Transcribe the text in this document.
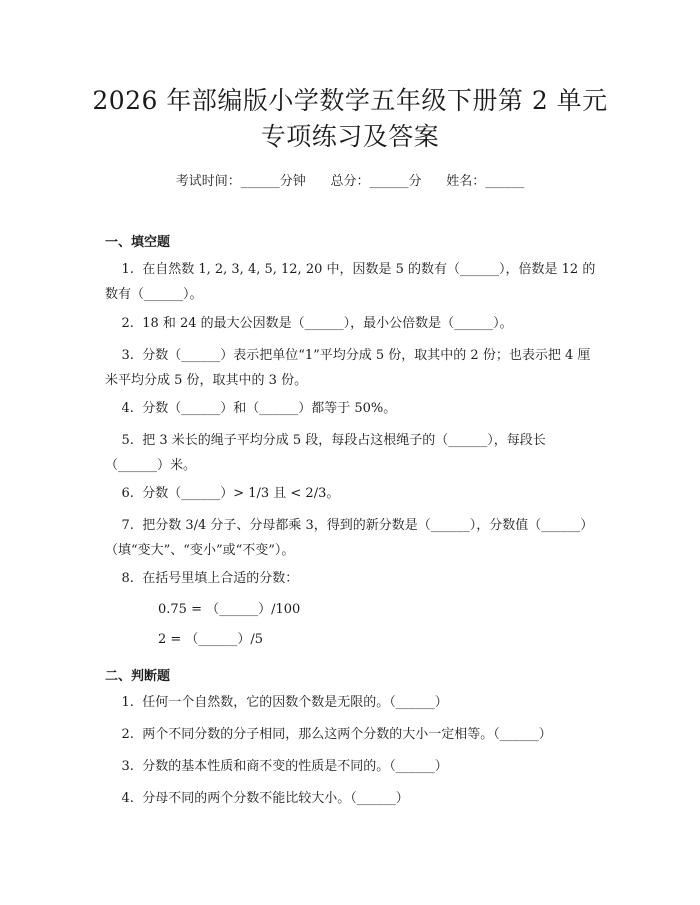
2026 年部编版小学数学五年级下册第 2 单元
专项练习及答案
考试时间：______分钟      总分：______分      姓名：______
一、填空题
1.  在自然数 1, 2, 3, 4, 5, 12, 20 中，因数是 5 的数有（______），倍数是 12 的数有（______）。
2.  18 和 24 的最大公因数是（______），最小公倍数是（______）。
3.  分数（______）表示把单位“1”平均分成 5 份，取其中的 2 份；也表示把 4 厘米平均分成 5 份，取其中的 3 份。
4.  分数（______）和（______）都等于 50%。
5.  把 3 米长的绳子平均分成 5 段，每段占这根绳子的（______），每段长（______）米。
6.  分数（______）> 1/3 且 < 2/3。
7.  把分数 3/4 分子、分母都乘 3，得到的新分数是（______），分数值（______）（填“变大”、“变小”或“不变”）。
8.  在括号里填上合适的分数：
0.75 = （______）/100
2 = （______）/5
二、判断题
1.  任何一个自然数，它的因数个数是无限的。（______）
2.  两个不同分数的分子相同，那么这两个分数的大小一定相等。（______）
3.  分数的基本性质和商不变的性质是不同的。（______）
4.  分母不同的两个分数不能比较大小。（______）
